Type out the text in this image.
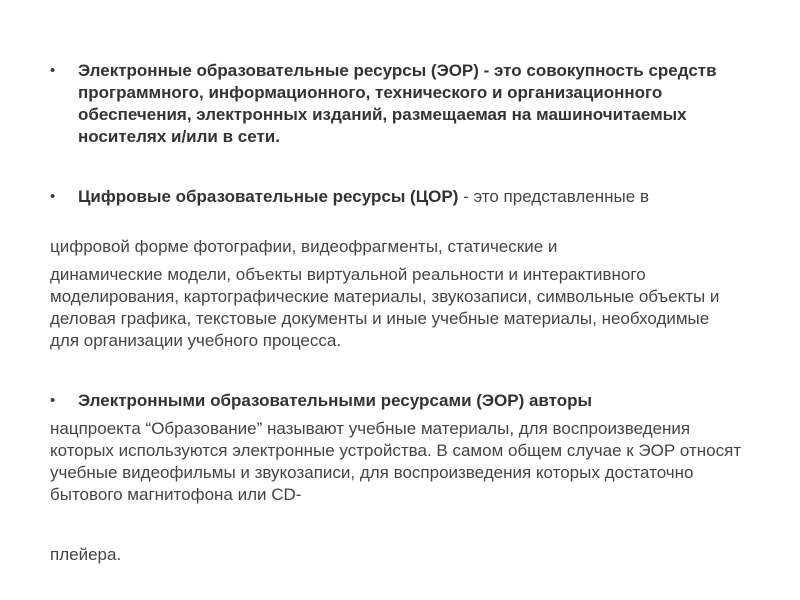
• Электронные образовательные ресурсы (ЭОР) - это совокупность средств программного, информационного, технического и организационного обеспечения, электронных изданий, размещаемая на машиночитаемых носителях и/или в сети.
• Цифровые образовательные ресурсы (ЦОР) - это представленные в
цифровой форме фотографии, видеофрагменты, статические и
динамические модели, объекты виртуальной реальности и интерактивного моделирования, картографические материалы, звукозаписи, символьные объекты и деловая графика, текстовые документы и иные учебные материалы, необходимые для организации учебного процесса.
• Электронными образовательными ресурсами (ЭОР) авторы
нацпроекта “Образование” называют учебные материалы, для воспроизведения которых используются электронные устройства. В самом общем случае к ЭОР относят учебные видеофильмы и звукозаписи, для воспроизведения которых достаточно бытового магнитофона или CD-
плейера.
